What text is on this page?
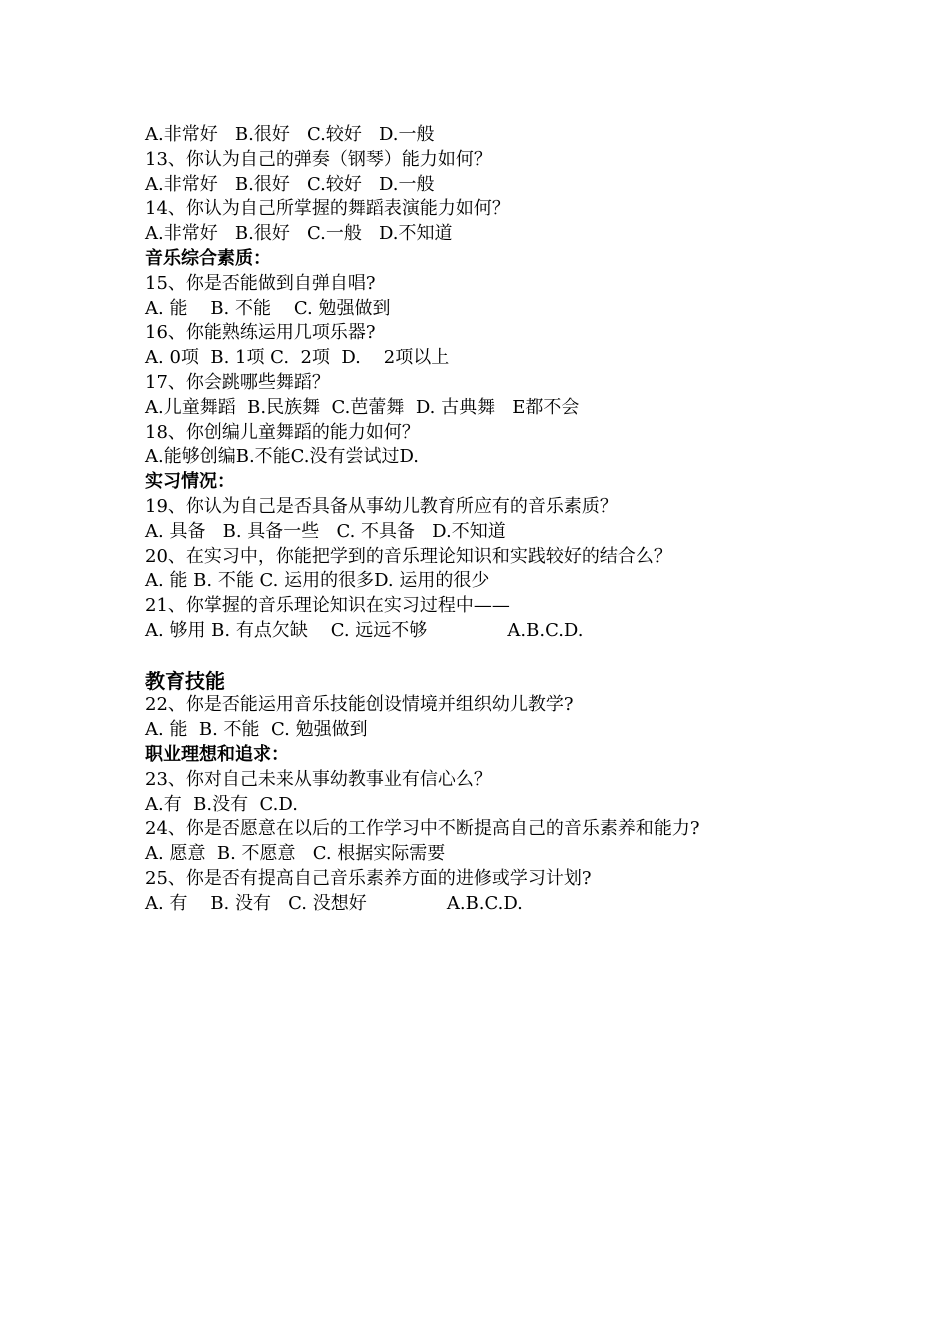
A.非常好   B.很好   C.较好   D.一般
13、你认为自己的弹奏（钢琴）能力如何？
A.非常好   B.很好   C.较好   D.一般
14、你认为自己所掌握的舞蹈表演能力如何？
A.非常好   B.很好   C.一般   D.不知道
音乐综合素质：
15、你是否能做到自弹自唱?
A. 能    B. 不能    C. 勉强做到
16、你能熟练运用几项乐器?
A. 0项  B. 1项 C.  2项  D.    2项以上
17、你会跳哪些舞蹈？
A.儿童舞蹈  B.民族舞  C.芭蕾舞  D. 古典舞   E都不会
18、你创编儿童舞蹈的能力如何？
A.能够创编B.不能C.没有尝试过D.
实习情况：
19、你认为自己是否具备从事幼儿教育所应有的音乐素质？
A. 具备   B. 具备一些   C. 不具备   D.不知道
20、在实习中，你能把学到的音乐理论知识和实践较好的结合么？
A. 能 B. 不能 C. 运用的很多D. 运用的很少
21、你掌握的音乐理论知识在实习过程中——
A. 够用 B. 有点欠缺    C. 远远不够              A.B.C.D.
教育技能
22、你是否能运用音乐技能创设情境并组织幼儿教学?
A. 能  B. 不能  C. 勉强做到
职业理想和追求：
23、你对自己未来从事幼教事业有信心么？
A.有  B.没有  C.D.
24、你是否愿意在以后的工作学习中不断提高自己的音乐素养和能力?
A. 愿意  B. 不愿意   C. 根据实际需要
25、你是否有提高自己音乐素养方面的进修或学习计划?
A. 有    B. 没有   C. 没想好              A.B.C.D.
